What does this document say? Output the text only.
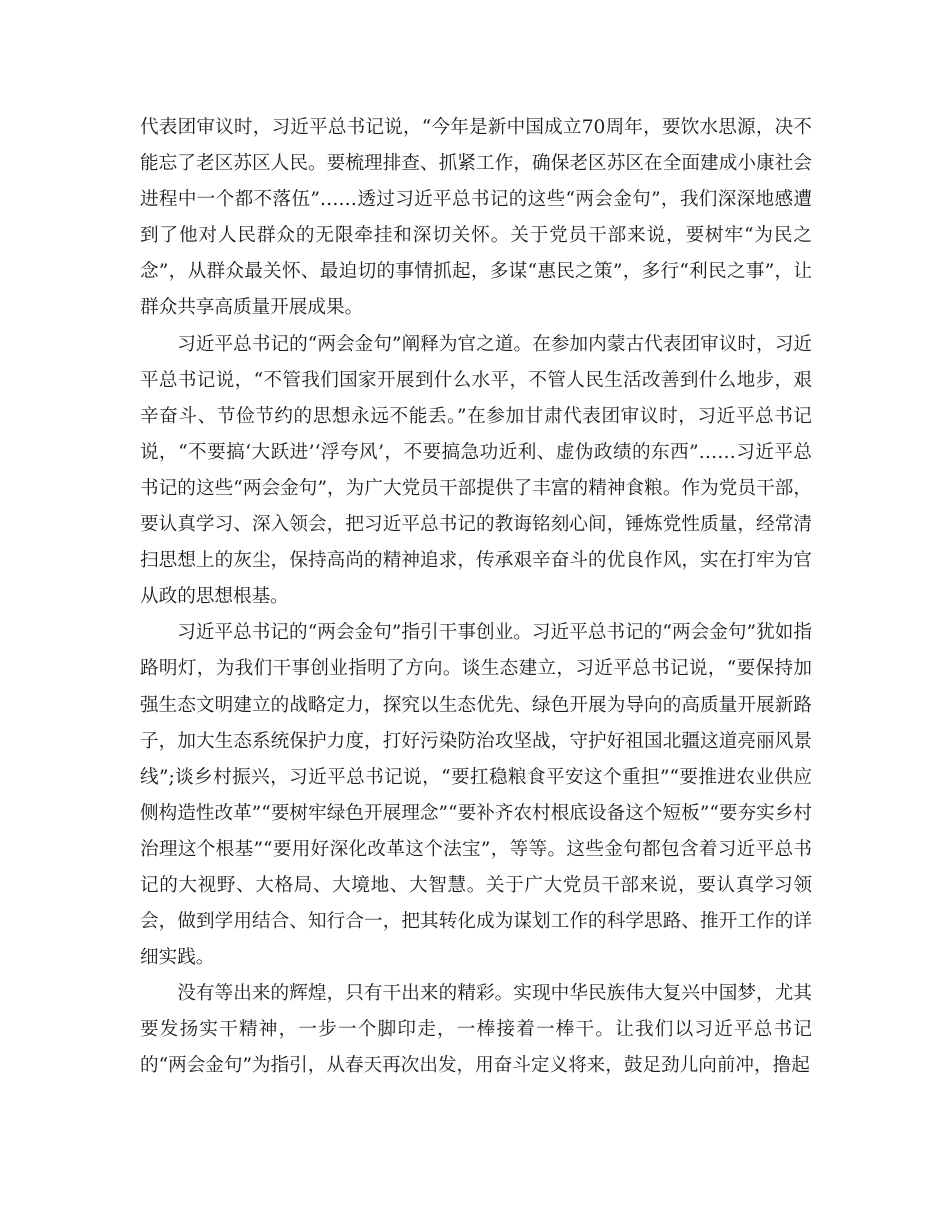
代表团审议时，习近平总书记说，“今年是新中国成立70周年，要饮水思源，决不能忘了老区苏区人民。要梳理排查、抓紧工作，确保老区苏区在全面建成小康社会进程中一个都不落伍”……透过习近平总书记的这些“两会金句”，我们深深地感遭到了他对人民群众的无限牵挂和深切关怀。关于党员干部来说，要树牢“为民之念”，从群众最关怀、最迫切的事情抓起，多谋“惠民之策”，多行“利民之事”，让群众共享高质量开展成果。

习近平总书记的“两会金句”阐释为官之道。在参加内蒙古代表团审议时，习近平总书记说，“不管我们国家开展到什么水平，不管人民生活改善到什么地步，艰辛奋斗、节俭节约的思想永远不能丢。”在参加甘肃代表团审议时，习近平总书记说，“不要搞‘大跃进’‘浮夸风’，不要搞急功近利、虚伪政绩的东西”……习近平总书记的这些“两会金句”，为广大党员干部提供了丰富的精神食粮。作为党员干部，要认真学习、深入领会，把习近平总书记的教诲铭刻心间，锤炼党性质量，经常清扫思想上的灰尘，保持高尚的精神追求，传承艰辛奋斗的优良作风，实在打牢为官从政的思想根基。

习近平总书记的“两会金句”指引干事创业。习近平总书记的“两会金句”犹如指路明灯，为我们干事创业指明了方向。谈生态建立，习近平总书记说，“要保持加强生态文明建立的战略定力，探究以生态优先、绿色开展为导向的高质量开展新路子，加大生态系统保护力度，打好污染防治攻坚战，守护好祖国北疆这道亮丽风景线”;谈乡村振兴，习近平总书记说，“要扛稳粮食平安这个重担”“要推进农业供应侧构造性改革”“要树牢绿色开展理念”“要补齐农村根底设备这个短板”“要夯实乡村治理这个根基”“要用好深化改革这个法宝”，等等。这些金句都包含着习近平总书记的大视野、大格局、大境地、大智慧。关于广大党员干部来说，要认真学习领会，做到学用结合、知行合一，把其转化成为谋划工作的科学思路、推开工作的详细实践。

没有等出来的辉煌，只有干出来的精彩。实现中华民族伟大复兴中国梦，尤其要发扬实干精神，一步一个脚印走，一棒接着一棒干。让我们以习近平总书记的“两会金句”为指引，从春天再次出发，用奋斗定义将来，鼓足劲儿向前冲，撸起
